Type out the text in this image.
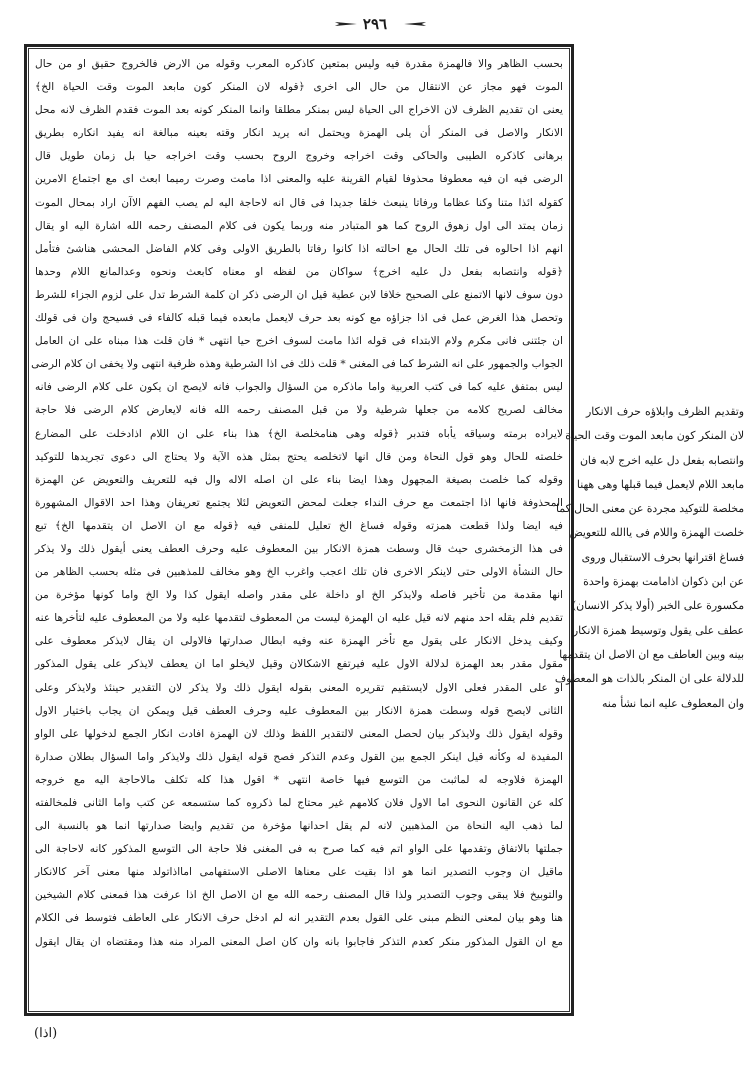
٢٩٦
بحسب الظاهر والا فالهمزة مقدرة فيه وليس بمتعين كاذكره المعرب وقوله من الارض فالخروج حقيق او من حال
الموت فهو مجاز عن الانتقال من حال الى اخرى ﴿قوله لان المنكر كون مابعد الموت وقت الحياة الخ﴾
يعنى ان تقديم الظرف لان الاخراج الى الحياة ليس بمنكر مطلقا وانما المنكر كونه بعد الموت فقدم الظرف لانه محل
الانكار والاصل فى المنكر أن يلى الهمزة ويحتمل انه يريد انكار وقته بعينه مبالغة انه يفيد انكاره بطريق
برهانى كاذكره الطيبى والحاكى وقت اخراجه وخروج الروح بحسب وقت اخراجه حيا بل زمان طويل قال
الرضى فيه ان فيه معطوفا محذوفا لقيام القرينة عليه والمعنى اذا مامت وصرت رميما ابعث اى مع اجتماع الامرين
كقوله ائذا متنا وكنا عظاما ورفاتا ينبعث خلقا جديدا فى قال انه لاحاجة اليه لم يصب الفهم الاآن اراد بمحال الموت
زمان يمتد الى اول زهوق الروح كما هو المتبادر منه وربما يكون فى كلام المصنف رحمه الله اشارة اليه او يقال
انهم اذا احالوه فى تلك الحال مع احالته اذا كانوا رفاتا بالطريق الاولى وفى كلام الفاضل المحشى هناشئ فتأمل
﴿قوله وانتصابه بفعل دل عليه اخرج﴾ سواكان من لفظه او معناه كابعث ونحوه وعدالمانع اللام وحدها
دون سوف لانها الاتمنع على الصحيح خلافا لابن عطية قيل ان الرضى ذكر ان كلمة الشرط تدل على لزوم الجزاء للشرط
وتحصل هذا الغرض عمل فى اذا جزاؤه مع كونه بعد حرف لايعمل مابعده فيما قبله كالفاء فى فسيحج وان فى قولك
ان جئتنى فانى مكرم ولام الابتداء فى قوله ائذا مامت لسوف اخرج حيا انتهى * فان قلت هذا مبناه على ان العامل
الجواب والجمهور على انه الشرط كما فى المغنى * قلت ذلك فى اذا الشرطية وهذه ظرفية انتهى ولا يخفى ان كلام الرضى
ليس بمتفق عليه كما فى كتب العربية واما ماذكره من السؤال والجواب فانه لايصح ان يكون على كلام الرضى فانه
مخالف لصريح كلامه من جعلها شرطية ولا من قبل المصنف رحمه الله فانه لايعارض كلام الرضى فلا حاجة
لايراده برمته وسياقه يأباه فتدبر ﴿قوله وهى هنامخلصة الخ﴾ هذا بناء على ان اللام اذادخلت على المضارع
خلصته للحال وهو قول النحاة ومن قال انها لاتخلصه يحتج بمثل هذه الآية ولا يحتاج الى دعوى تجريدها للتوكيد
وقوله كما خلصت بصيغة المجهول وهذا ايضا بناء على ان اصله الاله وال فيه للتعريف والتعويض عن الهمزة
المحذوفة فانها اذا اجتمعت مع حرف النداء جعلت لمحض التعويض لئلا يجتمع تعريفان وهذا احد الاقوال المشهورة
فيه ايضا ولذا قطعت همزته وقوله فساغ الخ تعليل للمنفى فيه ﴿قوله مع ان الاصل ان يتقدمها الخ﴾ تبع
فى هذا الزمخشرى حيث قال وسطت همزة الانكار بين المعطوف عليه وحرف العطف يعنى أيقول ذلك ولا يذكر
حال النشأة الاولى حتى لاينكر الاخرى فان تلك اعجب واغرب الخ وهو مخالف للمذهبين فى مثله بحسب الظاهر من
انها مقدمة من تأخير فاصله ولايذكر الخ او داخلة على مقدر واصله ايقول كذا ولا الخ واما كونها مؤخرة من
تقديم فلم يقله احد منهم لانه قيل عليه ان الهمزة ليست من المعطوف لتقدمها عليه ولا من المعطوف عليه لتأخرها عنه
وكيف يدخل الانكار على يقول مع تأخر الهمزة عنه وفيه ابطال صدارتها فالاولى ان يقال لايذكر معطوف على
مقول مقدر بعد الهمزة لدلالة الاول عليه فيرتفع الاشكالان وقيل لايخلو اما ان يعطف لايذكر على يقول المذكور
او على المقدر فعلى الاول لايستقيم تقريره المعنى بقوله ايقول ذلك ولا يذكر لان التقدير حينئذ ولايذكر وعلى
الثانى لايصح قوله وسطت همزة الانكار بين المعطوف عليه وحرف العطف قيل ويمكن ان يجاب باختيار الاول
وقوله ايقول ذلك ولايذكر بيان لحصل المعنى لالتقدير اللفظ وذلك لان الهمزة افادت انكار الجمع لدخولها على الواو
المفيدة له وكأنه قيل اينكر الجمع بين القول وعدم التذكر فصح قوله ايقول ذلك ولايذكر واما السؤال بطلان صدارة
الهمزة فلاوجه له لماثبت من التوسع فيها خاصة انتهى * اقول هذا كله تكلف مالاحاجة اليه مع خروجه
كله عن القانون النحوى اما الاول فلان كلامهم غير محتاج لما ذكروه كما ستسمعه عن كتب واما الثانى فلمخالفته
لما ذهب اليه النحاة من المذهبين لانه لم يقل احدانها مؤخرة من تقديم وايضا صدارتها انما هو بالنسبة الى
جملتها بالاتفاق وتقدمها على الواو اتم فيه كما صرح به فى المغنى فلا حاجة الى التوسع المذكور كانه لاحاجة الى
ماقيل ان وجوب التصدير انما هو اذا بقيت على معناها الاصلى الاستفهامى امااذاتولد منها معنى آخر كالانكار
والتوبيخ فلا يبقى وجوب التصدير ولذا قال المصنف رحمه الله مع ان الاصل الخ اذا عرفت هذا فمعنى كلام الشيخين
هنا وهو بيان لمعنى النظم مبنى على القول بعدم التقدير انه لم ادخل حرف الانكار على العاطف فتوسط فى الكلام
مع ان القول المذكور منكر كعدم التذكر فاجابوا بانه وان كان اصل المعنى المراد منه هذا ومقتضاه ان يقال ايقول
وتقديم الظرف وابلاؤه حرف الانكار
لان المنكر كون مابعد الموت وقت الحياة
وانتصابه بفعل دل عليه اخرج لابه فان
مابعد اللام لايعمل فيما قبلها وهى ههنا
مخلصة للتوكيد مجردة عن معنى الحال كما
خلصت الهمزة واللام فى ياالله للتعويض
فساغ اقترانها بحرف الاستقبال وروى
عن ابن ذكوان اذامامت بهمزة واحدة
مكسورة على الخبر (أولا يذكر الانسان)
عطف على يقول وتوسيط همزة الانكار
بينه وبين العاطف مع ان الاصل ان يتقدمها
للدلالة على ان المنكر بالذات هو المعطوف
وان المعطوف عليه انما نشأ منه
(اذا)
